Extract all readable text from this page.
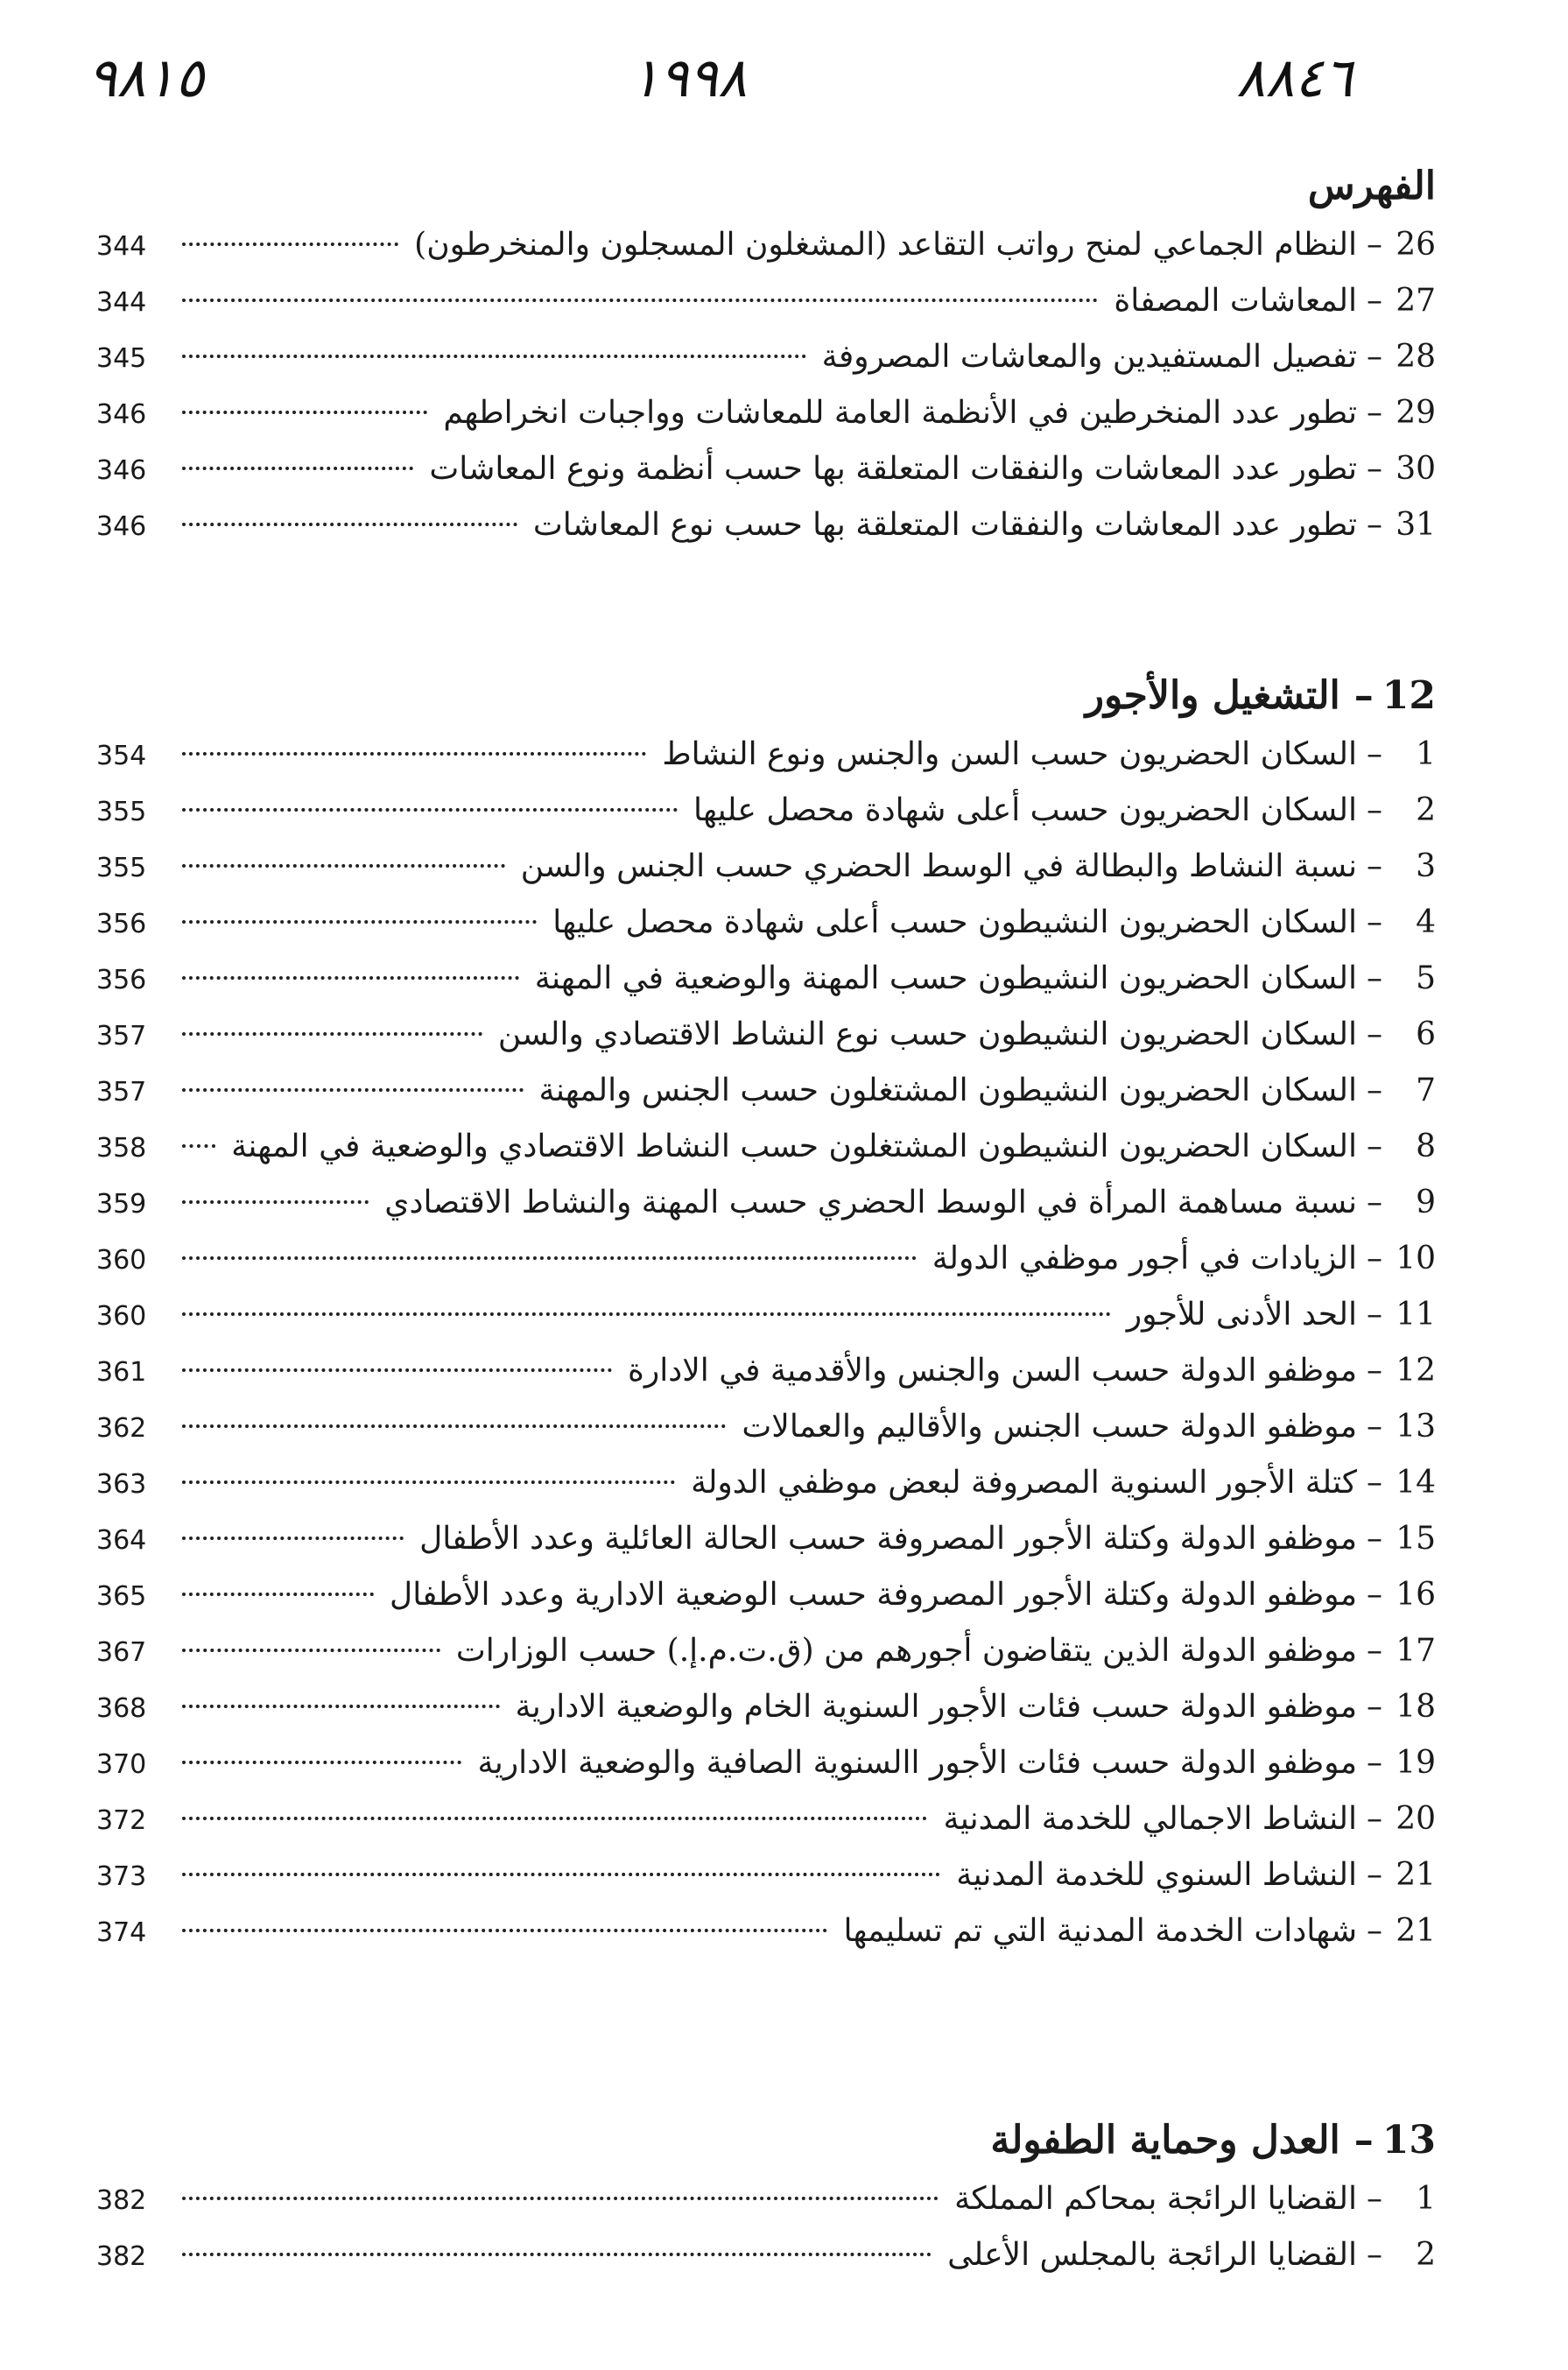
٩٨١٥	١٩٩٨	٨٨٤٦
الفهرس
26
–
النظام الجماعي لمنح رواتب التقاعد (المشغلون المسجلون والمنخرطون)
344
27
–
المعاشات المصفاة
344
28
–
تفصيل المستفيدين والمعاشات المصروفة
345
29
–
تطور عدد المنخرطين في الأنظمة العامة للمعاشات وواجبات انخراطهم
346
30
–
تطور عدد المعاشات والنفقات المتعلقة بها حسب أنظمة ونوع المعاشات
346
31
–
تطور عدد المعاشات والنفقات المتعلقة بها حسب نوع المعاشات
346
12–التشغيل والأجور
1
–
السكان الحضريون حسب السن والجنس ونوع النشاط
354
2
–
السكان الحضريون حسب أعلى شهادة محصل عليها
355
3
–
نسبة النشاط والبطالة في الوسط الحضري حسب الجنس والسن
355
4
–
السكان الحضريون النشيطون حسب أعلى شهادة محصل عليها
356
5
–
السكان الحضريون النشيطون حسب المهنة والوضعية في المهنة
356
6
–
السكان الحضريون النشيطون حسب نوع النشاط الاقتصادي والسن
357
7
–
السكان الحضريون النشيطون المشتغلون حسب الجنس والمهنة
357
8
–
السكان الحضريون النشيطون المشتغلون حسب النشاط الاقتصادي والوضعية في المهنة
358
9
–
نسبة مساهمة المرأة في الوسط الحضري حسب المهنة والنشاط الاقتصادي
359
10
–
الزيادات في أجور موظفي الدولة
360
11
–
الحد الأدنى للأجور
360
12
–
موظفو الدولة حسب السن والجنس والأقدمية في الادارة
361
13
–
موظفو الدولة حسب الجنس والأقاليم والعمالات
362
14
–
كتلة الأجور السنوية المصروفة لبعض موظفي الدولة
363
15
–
موظفو الدولة وكتلة الأجور المصروفة حسب الحالة العائلية وعدد الأطفال
364
16
–
موظفو الدولة وكتلة الأجور المصروفة حسب الوضعية الادارية وعدد الأطفال
365
17
–
موظفو الدولة الذين يتقاضون أجورهم من (ق.ت.م.إ.) حسب الوزارات
367
18
–
موظفو الدولة حسب فئات الأجور السنوية الخام والوضعية الادارية
368
19
–
موظفو الدولة حسب فئات الأجور االسنوية الصافية والوضعية الادارية
370
20
–
النشاط الاجمالي للخدمة المدنية
372
21
–
النشاط السنوي للخدمة المدنية
373
21
–
شهادات الخدمة المدنية التي تم تسليمها
374
13–العدل وحماية الطفولة
1
–
القضايا الرائجة بمحاكم المملكة
382
2
–
القضايا الرائجة بالمجلس الأعلى
382
